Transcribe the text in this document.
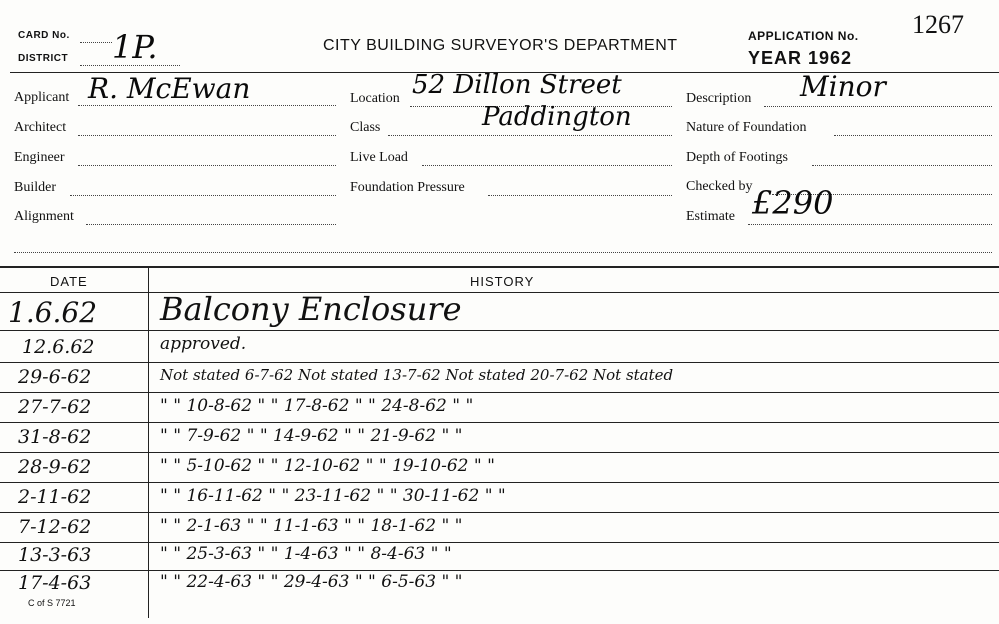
CARD No.
DISTRICT 1P.	CITY BUILDING SURVEYOR'S DEPARTMENT
APPLICATION No. 1267
YEAR 1962
Applicant R. McEwan
Architect
Engineer
Builder
Alignment
Location 52 Dillon Street
Class	Paddington
Live Load
Foundation Pressure
Description Minor
Nature of Foundation
Depth of Footings
Checked by
Estimate £290
DATE	HISTORY
1.6.62	Balcony Enclosure
12.6.62	approved.
29-6-62	Not stated 6-7-62 Not stated 13-7-62 Not stated 20-7-62 Not stated
27-7-62	" " 10-8-62 " " 17-8-62 " " 24-8-62 " "
31-8-62	" " 7-9-62 " " 14-9-62 " " 21-9-62 " "
28-9-62	" " 5-10-62 " " 12-10-62 " " 19-10-62 " "
2-11-62	" " 16-11-62 " " 23-11-62 " " 30-11-62 " "
7-12-62	" " 2-1-63 " " 11-1-63 " " 18-1-62 " "
13-3-63	" " 25-3-63 " " 1-4-63 " " 8-4-63 " "
17-4-63	" " 22-4-63 " " 29-4-63 " " 6-5-63 " "
C of S 7721
